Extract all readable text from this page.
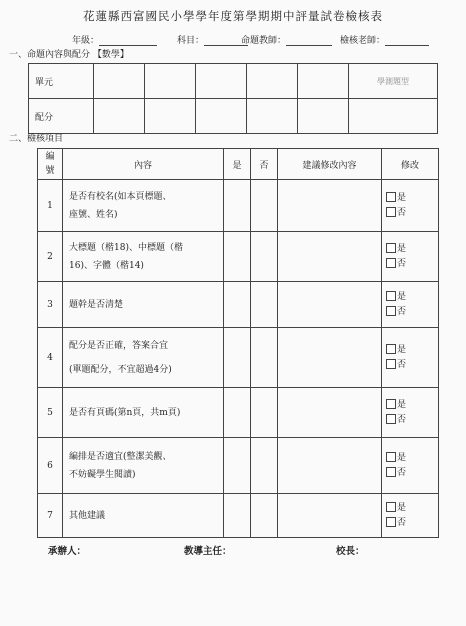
花蓮縣西富國民小學學年度第學期期中評量試卷檢核表
年級：	科目：	命題教師：	檢核老師：
一、命題內容與配分 【數學】
單元						學測題型
配分						
二、檢核項目
編
號	內容	是	否	建議修改內容	修改
1	是否有校名(如本頁標題、
座號、姓名)				是
否

2	大標題（楷18)、中標題（楷
16)、字體（楷14)				是
否

3	題幹是否清楚				是
否

4	配分是否正確，答案合宜
(單題配分，不宜超過4分)				是
否

5	是否有頁碼(第n頁，共m頁)				是
否

6	編排是否適宜(整潔美觀、
不妨礙學生閱讀)				是
否

7	其他建議				是
否
承辦人：	教導主任：	校長：
